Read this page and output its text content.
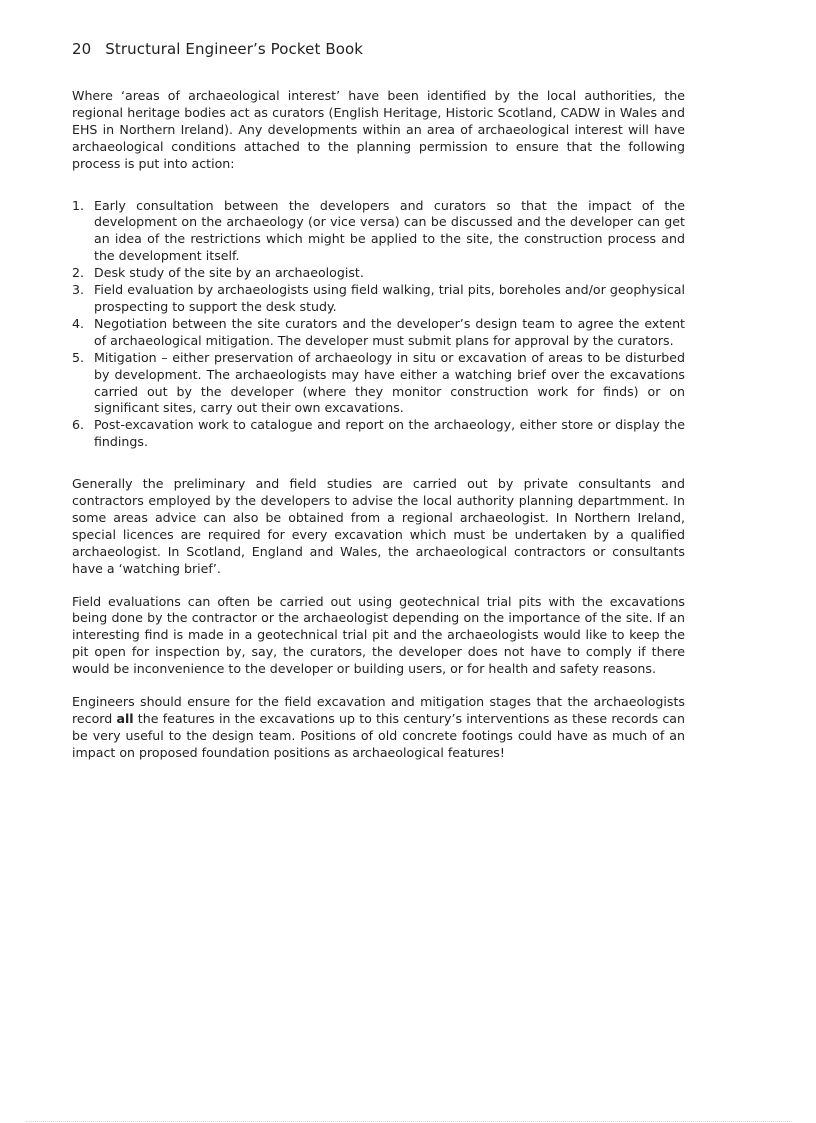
20 Structural Engineer’s Pocket Book

Where ‘areas of archaeological interest’ have been identified by the local authorities, the regional heritage bodies act as curators (English Heritage, Historic Scotland, CADW in Wales and EHS in Northern Ireland). Any developments within an area of archaeological interest will have archaeological conditions attached to the planning permission to ensure that the following process is put into action:

1. Early consultation between the developers and curators so that the impact of the development on the archaeology (or vice versa) can be discussed and the developer can get an idea of the restrictions which might be applied to the site, the construction process and the development itself.
2. Desk study of the site by an archaeologist.
3. Field evaluation by archaeologists using field walking, trial pits, boreholes and/or geophysical prospecting to support the desk study.
4. Negotiation between the site curators and the developer’s design team to agree the extent of archaeological mitigation. The developer must submit plans for approval by the curators.
5. Mitigation – either preservation of archaeology in situ or excavation of areas to be disturbed by development. The archaeologists may have either a watching brief over the excavations carried out by the developer (where they monitor construction work for finds) or on significant sites, carry out their own excavations.
6. Post-excavation work to catalogue and report on the archaeology, either store or display the findings.

Generally the preliminary and field studies are carried out by private consultants and contractors employed by the developers to advise the local authority planning departmment. In some areas advice can also be obtained from a regional archaeologist. In Northern Ireland, special licences are required for every excavation which must be undertaken by a qualified archaeologist. In Scotland, England and Wales, the archaeological contractors or consultants have a ‘watching brief’.

Field evaluations can often be carried out using geotechnical trial pits with the excavations being done by the contractor or the archaeologist depending on the importance of the site. If an interesting find is made in a geotechnical trial pit and the archaeologists would like to keep the pit open for inspection by, say, the curators, the developer does not have to comply if there would be inconvenience to the developer or building users, or for health and safety reasons.

Engineers should ensure for the field excavation and mitigation stages that the archaeologists record all the features in the excavations up to this century’s interventions as these records can be very useful to the design team. Positions of old concrete footings could have as much of an impact on proposed foundation positions as archaeological features!
